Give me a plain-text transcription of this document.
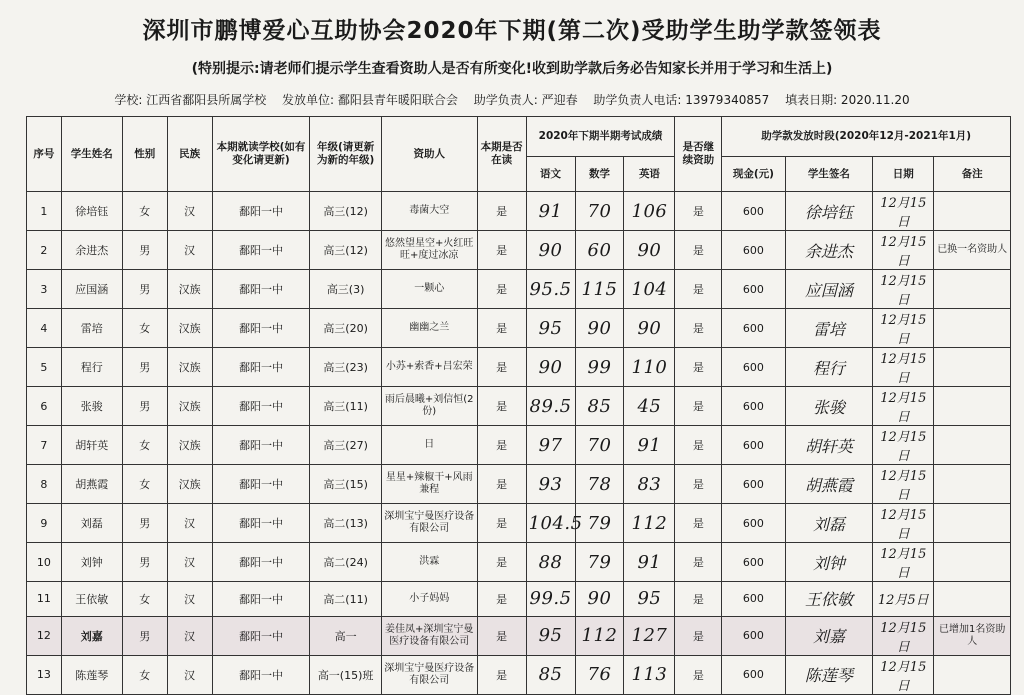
深圳市鹏博爱心互助协会2020年下期(第二次)受助学生助学款签领表
(特别提示:请老师们提示学生查看资助人是否有所变化!收到助学款后务必告知家长并用于学习和生活上)
学校: 江西省鄱阳县所属学校 发放单位: 鄱阳县青年暖阳联合会 助学负责人: 严迎春 助学负责人电话: 13979340857 填表日期: 2020.11.20
序号	学生姓名	性别	民族	本期就读学校(如有变化请更新)	年级(请更新为新的年级)	资助人	本期是否在读	2020年下期半期考试成绩			是否继续资助	助学款发放时段(2020年12月-2021年1月)			
								语文	数学	英语		现金(元)	学生签名	日期	备注
1	徐培钰	女	汉	鄱阳一中	高三(12)	毒菌大空	是	91	70	106	是	600	徐培钰	12月15日	
2	余进杰	男	汉	鄱阳一中	高三(12)	悠然望星空+火红旺旺+度过冰凉	是	90	60	90	是	600	余进杰	12月15日	已换一名资助人
3	应国涵	男	汉族	鄱阳一中	高三(3)	一颗心	是	95.5	115	104	是	600	应国涵	12月15日	
4	雷培	女	汉族	鄱阳一中	高三(20)	幽幽之兰	是	95	90	90	是	600	雷培	12月15日	
5	程行	男	汉族	鄱阳一中	高三(23)	小苏+索香+吕宏荣	是	90	99	110	是	600	程行	12月15日	
6	张骏	男	汉族	鄱阳一中	高三(11)	雨后晨曦+刘信恒(2份)	是	89.5	85	45	是	600	张骏	12月15日	
7	胡轩英	女	汉族	鄱阳一中	高三(27)	日	是	97	70	91	是	600	胡轩英	12月15日	
8	胡燕霞	女	汉族	鄱阳一中	高三(15)	星星+辣椒干+风雨兼程	是	93	78	83	是	600	胡燕霞	12月15日	
9	刘磊	男	汉	鄱阳一中	高二(13)	深圳宝宁曼医疗设备有限公司	是	104.5	79	112	是	600	刘磊	12月15日	
10	刘钟	男	汉	鄱阳一中	高二(24)	洪霖	是	88	79	91	是	600	刘钟	12月15日	
11	王依敏	女	汉	鄱阳一中	高二(11)	小子妈妈	是	99.5	90	95	是	600	王依敏	12月5日	
12	刘嘉	男	汉	鄱阳一中	高一	姜佳凤+深圳宝宁曼医疗设备有限公司	是	95	112	127	是	600	刘嘉	12月15日	已增加1名资助人
13	陈莲琴	女	汉	鄱阳一中	高一(15)班	深圳宝宁曼医疗设备有限公司	是	85	76	113	是	600	陈莲琴	12月15日	
